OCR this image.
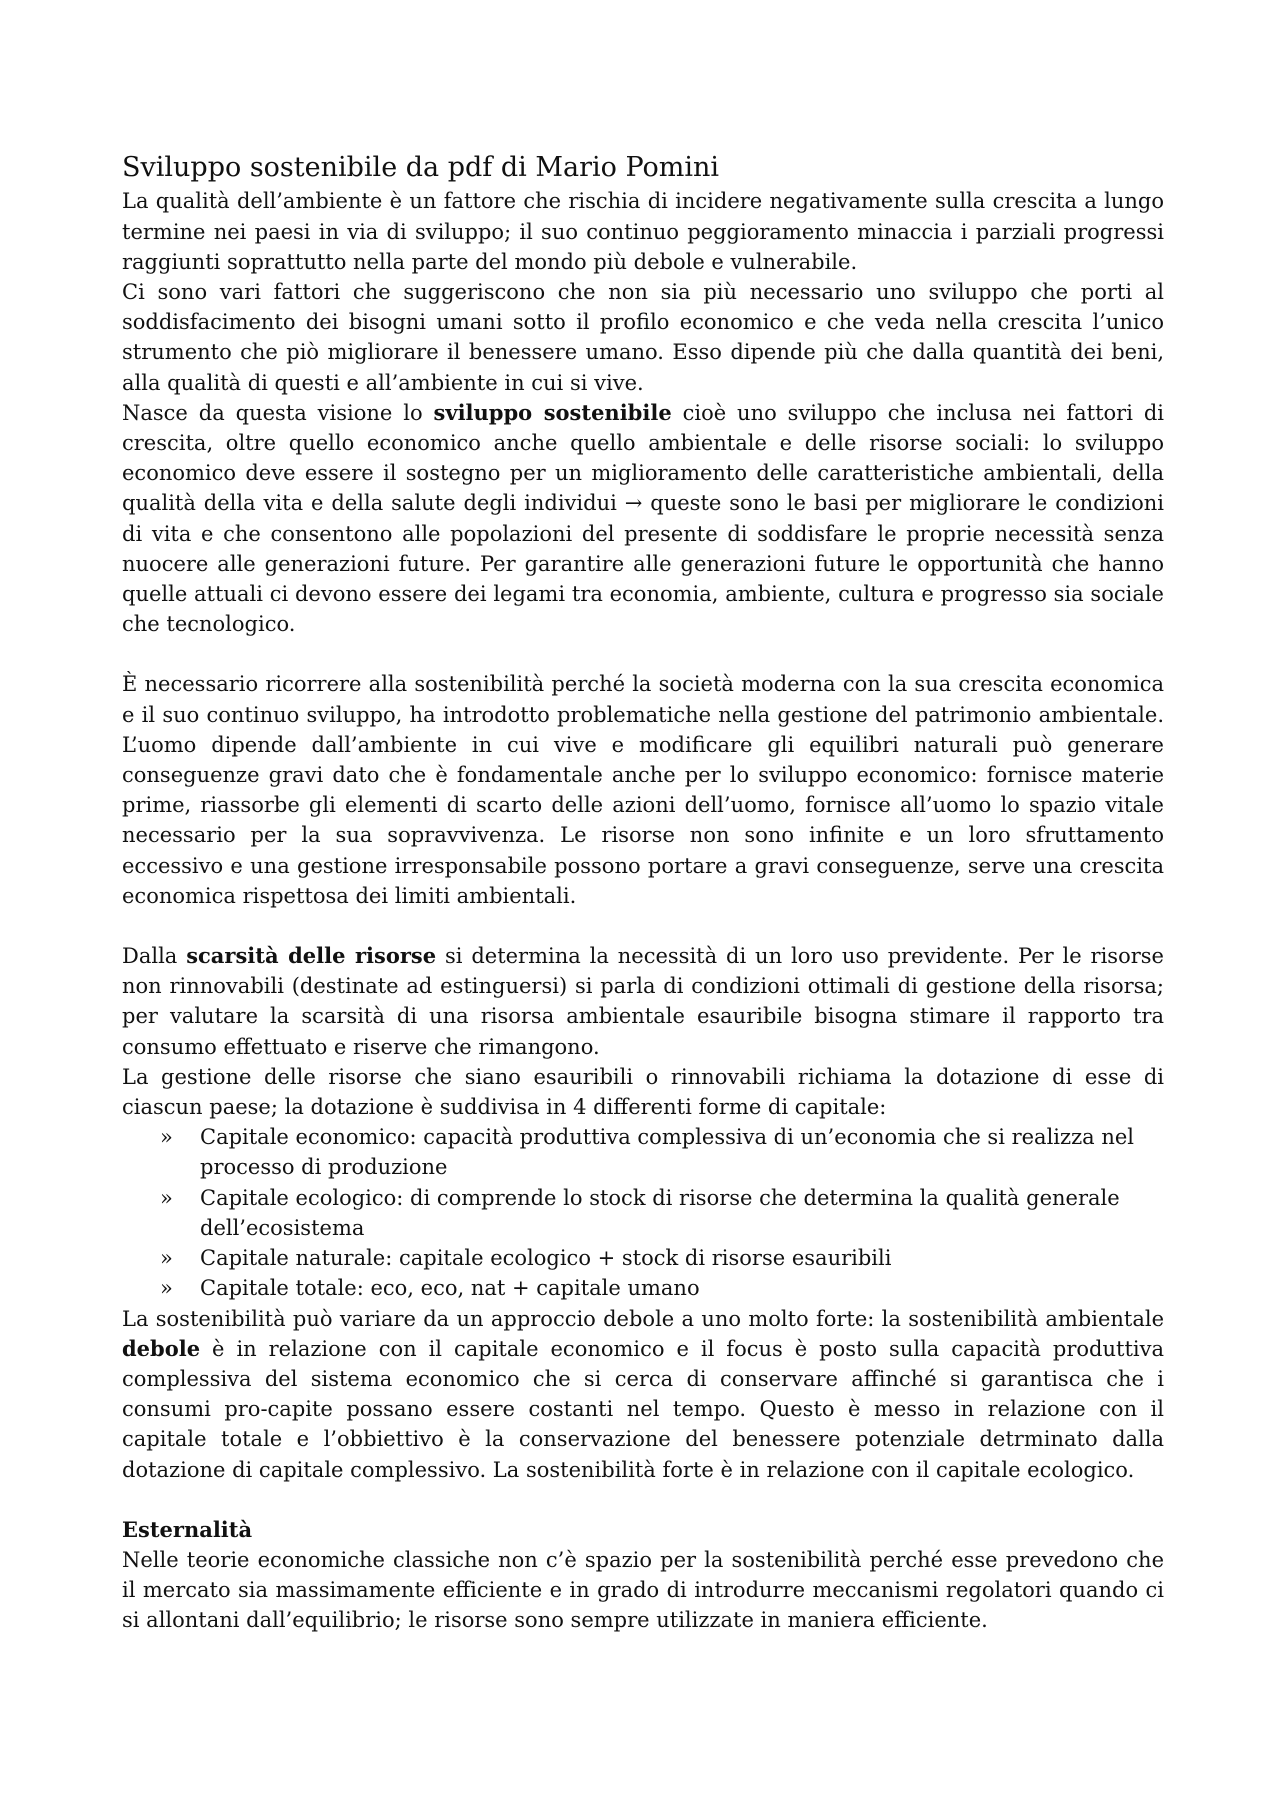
Sviluppo sostenibile da pdf di Mario Pomini

La qualità dell’ambiente è un fattore che rischia di incidere negativamente sulla crescita a lungo termine nei paesi in via di sviluppo; il suo continuo peggioramento minaccia i parziali progressi raggiunti soprattutto nella parte del mondo più debole e vulnerabile.

Ci sono vari fattori che suggeriscono che non sia più necessario uno sviluppo che porti al soddisfacimento dei bisogni umani sotto il profilo economico e che veda nella crescita l’unico strumento che piò migliorare il benessere umano. Esso dipende più che dalla quantità dei beni, alla qualità di questi e all’ambiente in cui si vive.

Nasce da questa visione lo sviluppo sostenibile cioè uno sviluppo che inclusa nei fattori di crescita, oltre quello economico anche quello ambientale e delle risorse sociali: lo sviluppo economico deve essere il sostegno per un miglioramento delle caratteristiche ambientali, della qualità della vita e della salute degli individui → queste sono le basi per migliorare le condizioni di vita e che consentono alle popolazioni del presente di soddisfare le proprie necessità senza nuocere alle generazioni future. Per garantire alle generazioni future le opportunità che hanno quelle attuali ci devono essere dei legami tra economia, ambiente, cultura e progresso sia sociale che tecnologico.

È necessario ricorrere alla sostenibilità perché la società moderna con la sua crescita economica e il suo continuo sviluppo, ha introdotto problematiche nella gestione del patrimonio ambientale. L’uomo dipende dall’ambiente in cui vive e modificare gli equilibri naturali può generare conseguenze gravi dato che è fondamentale anche per lo sviluppo economico: fornisce materie prime, riassorbe gli elementi di scarto delle azioni dell’uomo, fornisce all’uomo lo spazio vitale necessario per la sua sopravvivenza. Le risorse non sono infinite e un loro sfruttamento eccessivo e una gestione irresponsabile possono portare a gravi conseguenze, serve una crescita economica rispettosa dei limiti ambientali.

Dalla scarsità delle risorse si determina la necessità di un loro uso previdente. Per le risorse non rinnovabili (destinate ad estinguersi) si parla di condizioni ottimali di gestione della risorsa; per valutare la scarsità di una risorsa ambientale esauribile bisogna stimare il rapporto tra consumo effettuato e riserve che rimangono.

La gestione delle risorse che siano esauribili o rinnovabili richiama la dotazione di esse di ciascun paese; la dotazione è suddivisa in 4 differenti forme di capitale:

» Capitale economico: capacità produttiva complessiva di un’economia che si realizza nel processo di produzione
» Capitale ecologico: di comprende lo stock di risorse che determina la qualità generale dell’ecosistema
» Capitale naturale: capitale ecologico + stock di risorse esauribili
» Capitale totale: eco, eco, nat + capitale umano

La sostenibilità può variare da un approccio debole a uno molto forte: la sostenibilità ambientale debole è in relazione con il capitale economico e il focus è posto sulla capacità produttiva complessiva del sistema economico che si cerca di conservare affinché si garantisca che i consumi pro-capite possano essere costanti nel tempo. Questo è messo in relazione con il capitale totale e l’obbiettivo è la conservazione del benessere potenziale detrminato dalla dotazione di capitale complessivo. La sostenibilità forte è in relazione con il capitale ecologico.

Esternalità

Nelle teorie economiche classiche non c’è spazio per la sostenibilità perché esse prevedono che il mercato sia massimamente efficiente e in grado di introdurre meccanismi regolatori quando ci si allontani dall’equilibrio; le risorse sono sempre utilizzate in maniera efficiente.
